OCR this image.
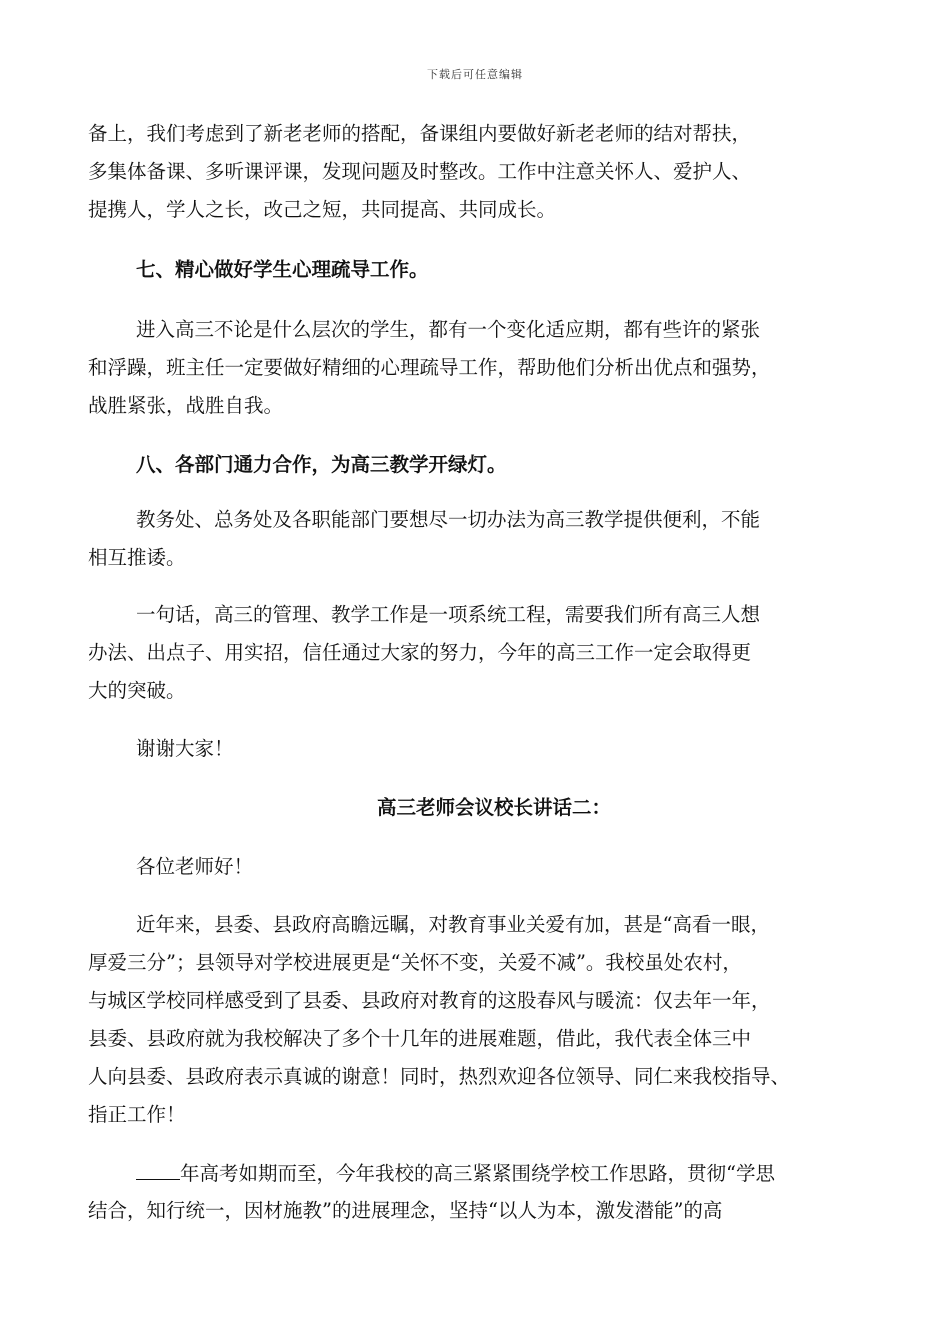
下载后可任意编辑
备上，我们考虑到了新老老师的搭配，备课组内要做好新老老师的结对帮扶，
多集体备课、多听课评课，发现问题及时整改。工作中注意关怀人、爱护人、
提携人，学人之长，改己之短，共同提高、共同成长。
七、精心做好学生心理疏导工作。
进入高三不论是什么层次的学生，都有一个变化适应期，都有些许的紧张
和浮躁，班主任一定要做好精细的心理疏导工作，帮助他们分析出优点和强势，
战胜紧张，战胜自我。
八、各部门通力合作，为高三教学开绿灯。
教务处、总务处及各职能部门要想尽一切办法为高三教学提供便利，不能
相互推诿。
一句话，高三的管理、教学工作是一项系统工程，需要我们所有高三人想
办法、出点子、用实招，信任通过大家的努力，今年的高三工作一定会取得更
大的突破。
谢谢大家！
高三老师会议校长讲话二：
各位老师好！
近年来，县委、县政府高瞻远瞩，对教育事业关爱有加，甚是“高看一眼，
厚爱三分”；县领导对学校进展更是“关怀不变，关爱不减”。我校虽处农村，
与城区学校同样感受到了县委、县政府对教育的这股春风与暖流：仅去年一年，
县委、县政府就为我校解决了多个十几年的进展难题，借此，我代表全体三中
人向县委、县政府表示真诚的谢意！同时，热烈欢迎各位领导、同仁来我校指导、
指正工作！
年高考如期而至，今年我校的高三紧紧围绕学校工作思路，贯彻“学思
结合，知行统一，因材施教”的进展理念，坚持“以人为本，激发潜能”的高
